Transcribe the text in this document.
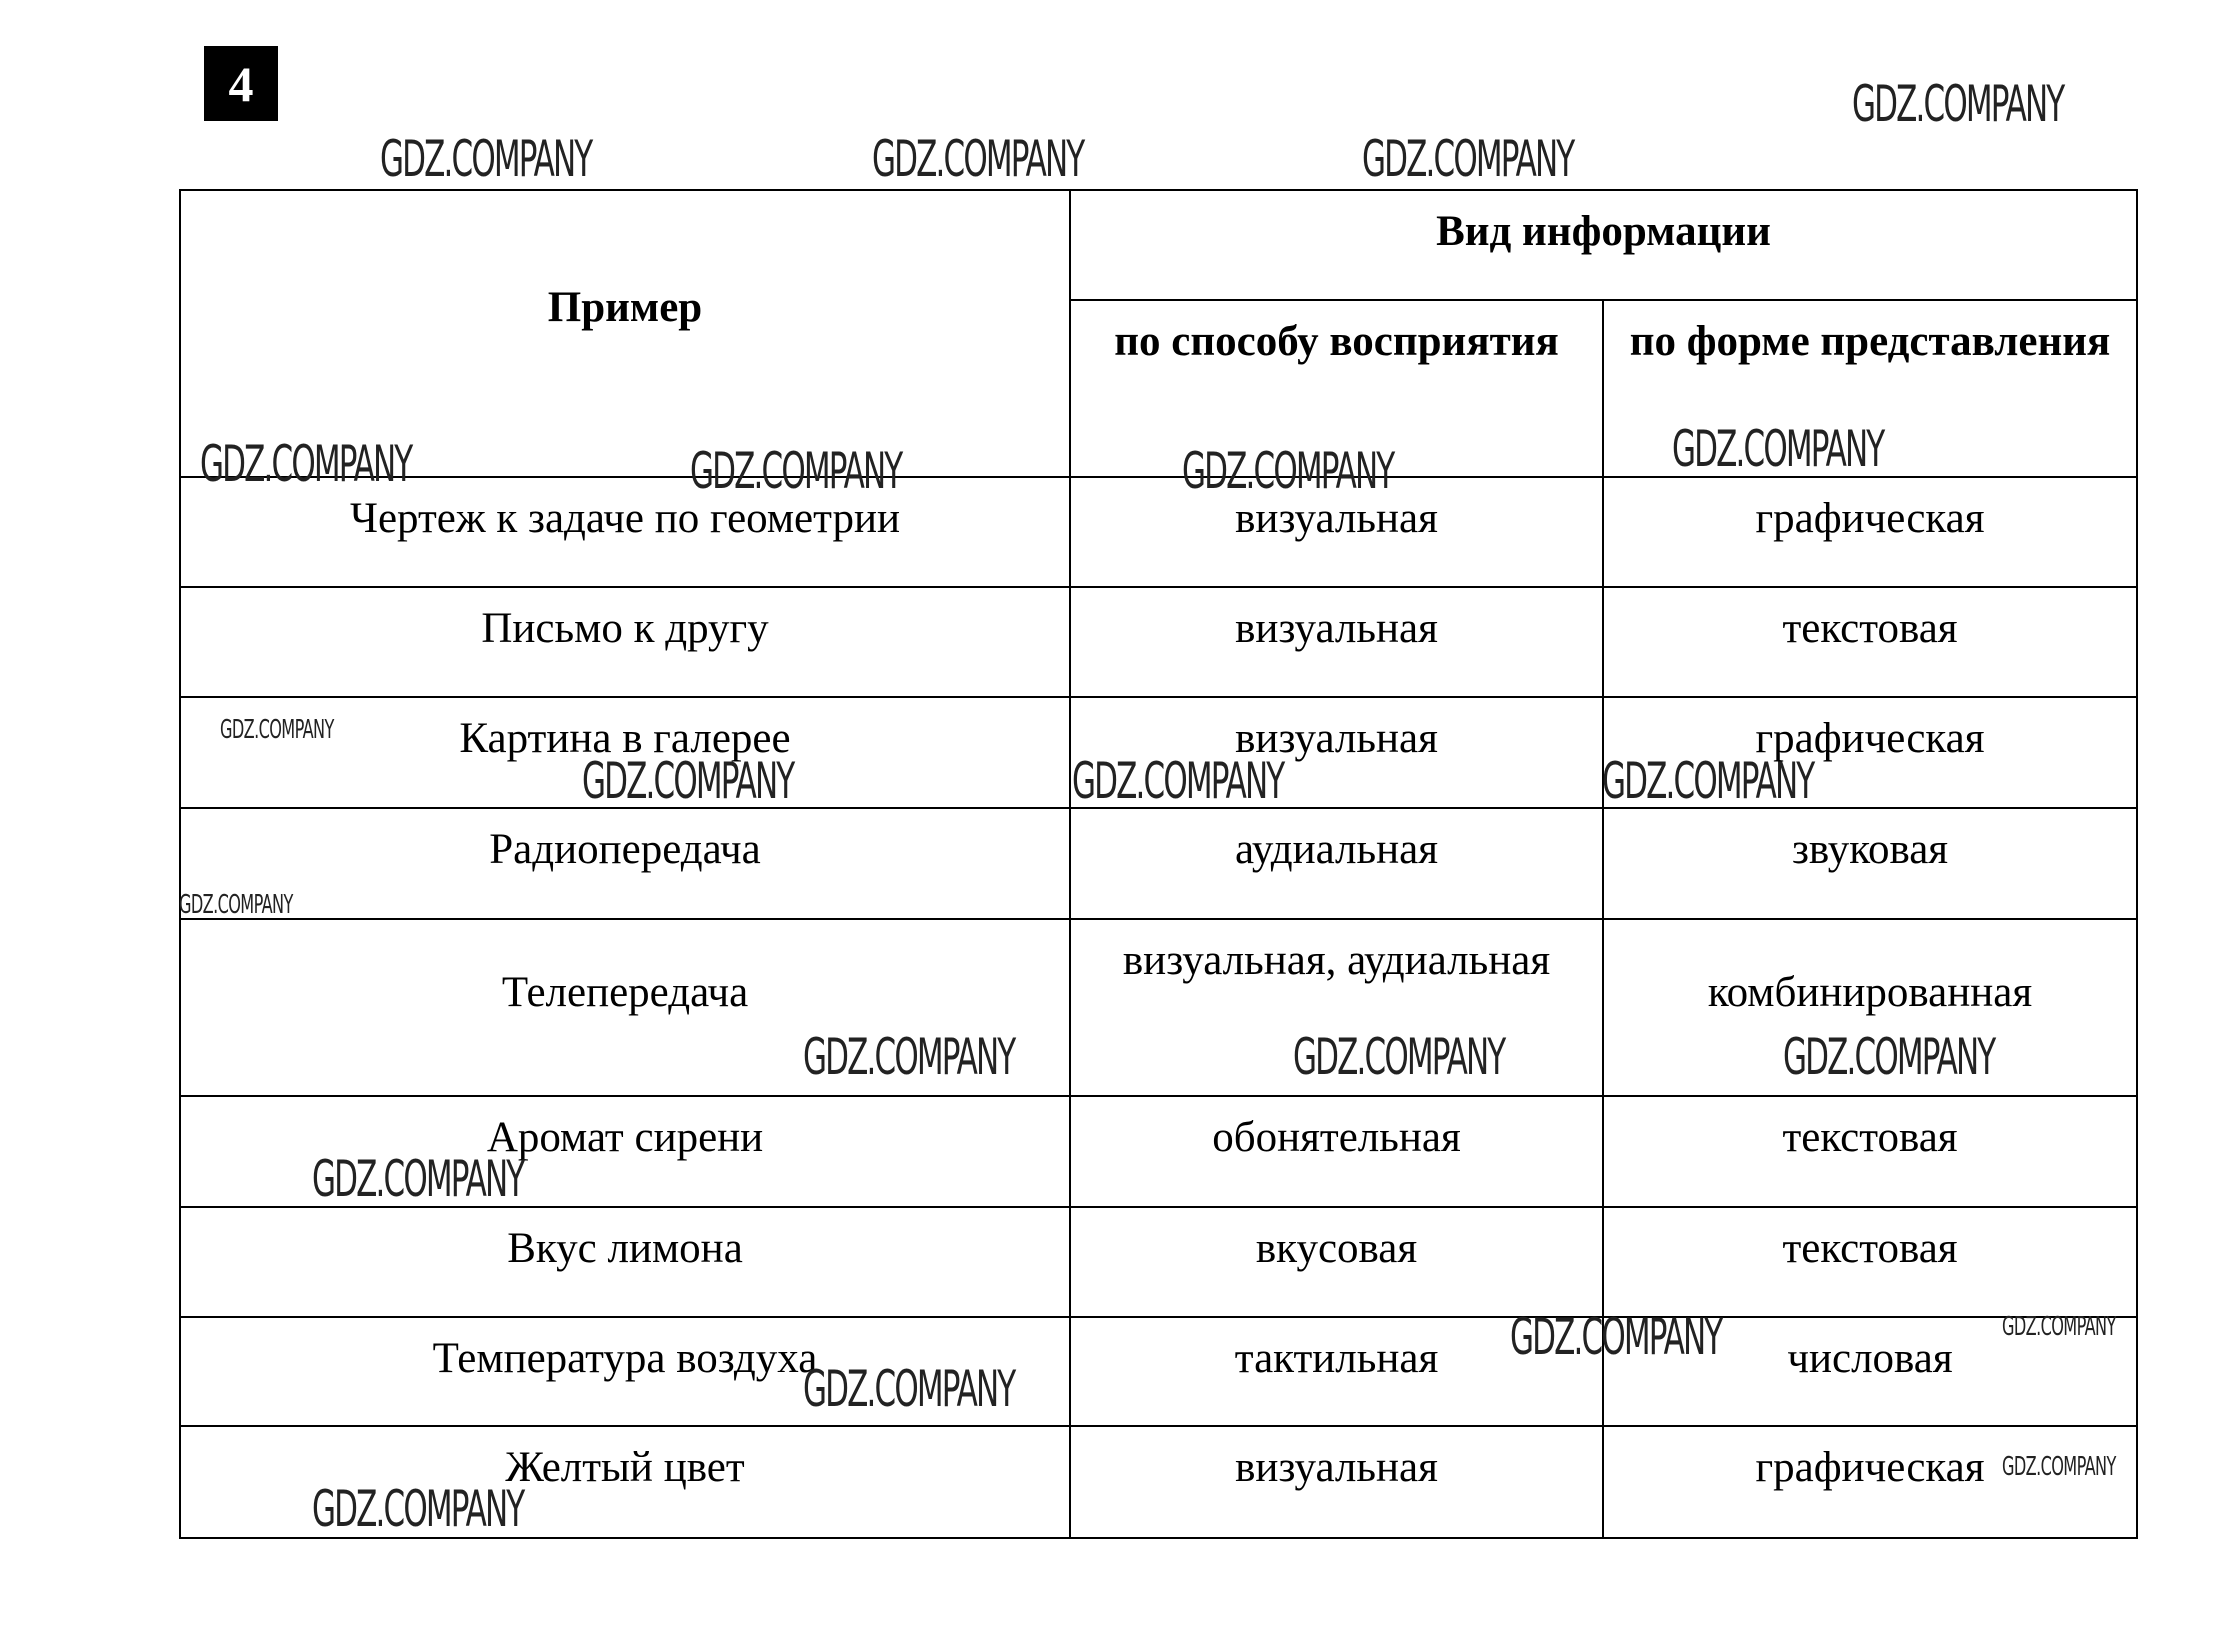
4
Пример	Вид информации	
	по способу восприятия	по форме представления
Чертеж к задаче по геометрии	визуальная	графическая
Письмо к другу	визуальная	текстовая
Картина в галерее	визуальная	графическая
Радиопередача	аудиальная	звуковая
Телепередача	визуальная, аудиальная	комбинированная
Аромат сирени	обонятельная	текстовая
Вкус лимона	вкусовая	текстовая
Температура воздуха	тактильная	числовая
Желтый цвет	визуальная	графическая
GDZ.COMPANY
GDZ.COMPANY	GDZ.COMPANY	GDZ.COMPANY
GDZ.COMPANY	GDZ.COMPANY	GDZ.COMPANY	GDZ.COMPANY
GDZ.COMPANY
GDZ.COMPANY	GDZ.COMPANY	GDZ.COMPANY
GDZ.COMPANY
GDZ.COMPANY	GDZ.COMPANY	GDZ.COMPANY
GDZ.COMPANY
GDZ.COMPANY	GDZ.COMPANY
GDZ.COMPANY
GDZ.COMPANY
GDZ.COMPANY
